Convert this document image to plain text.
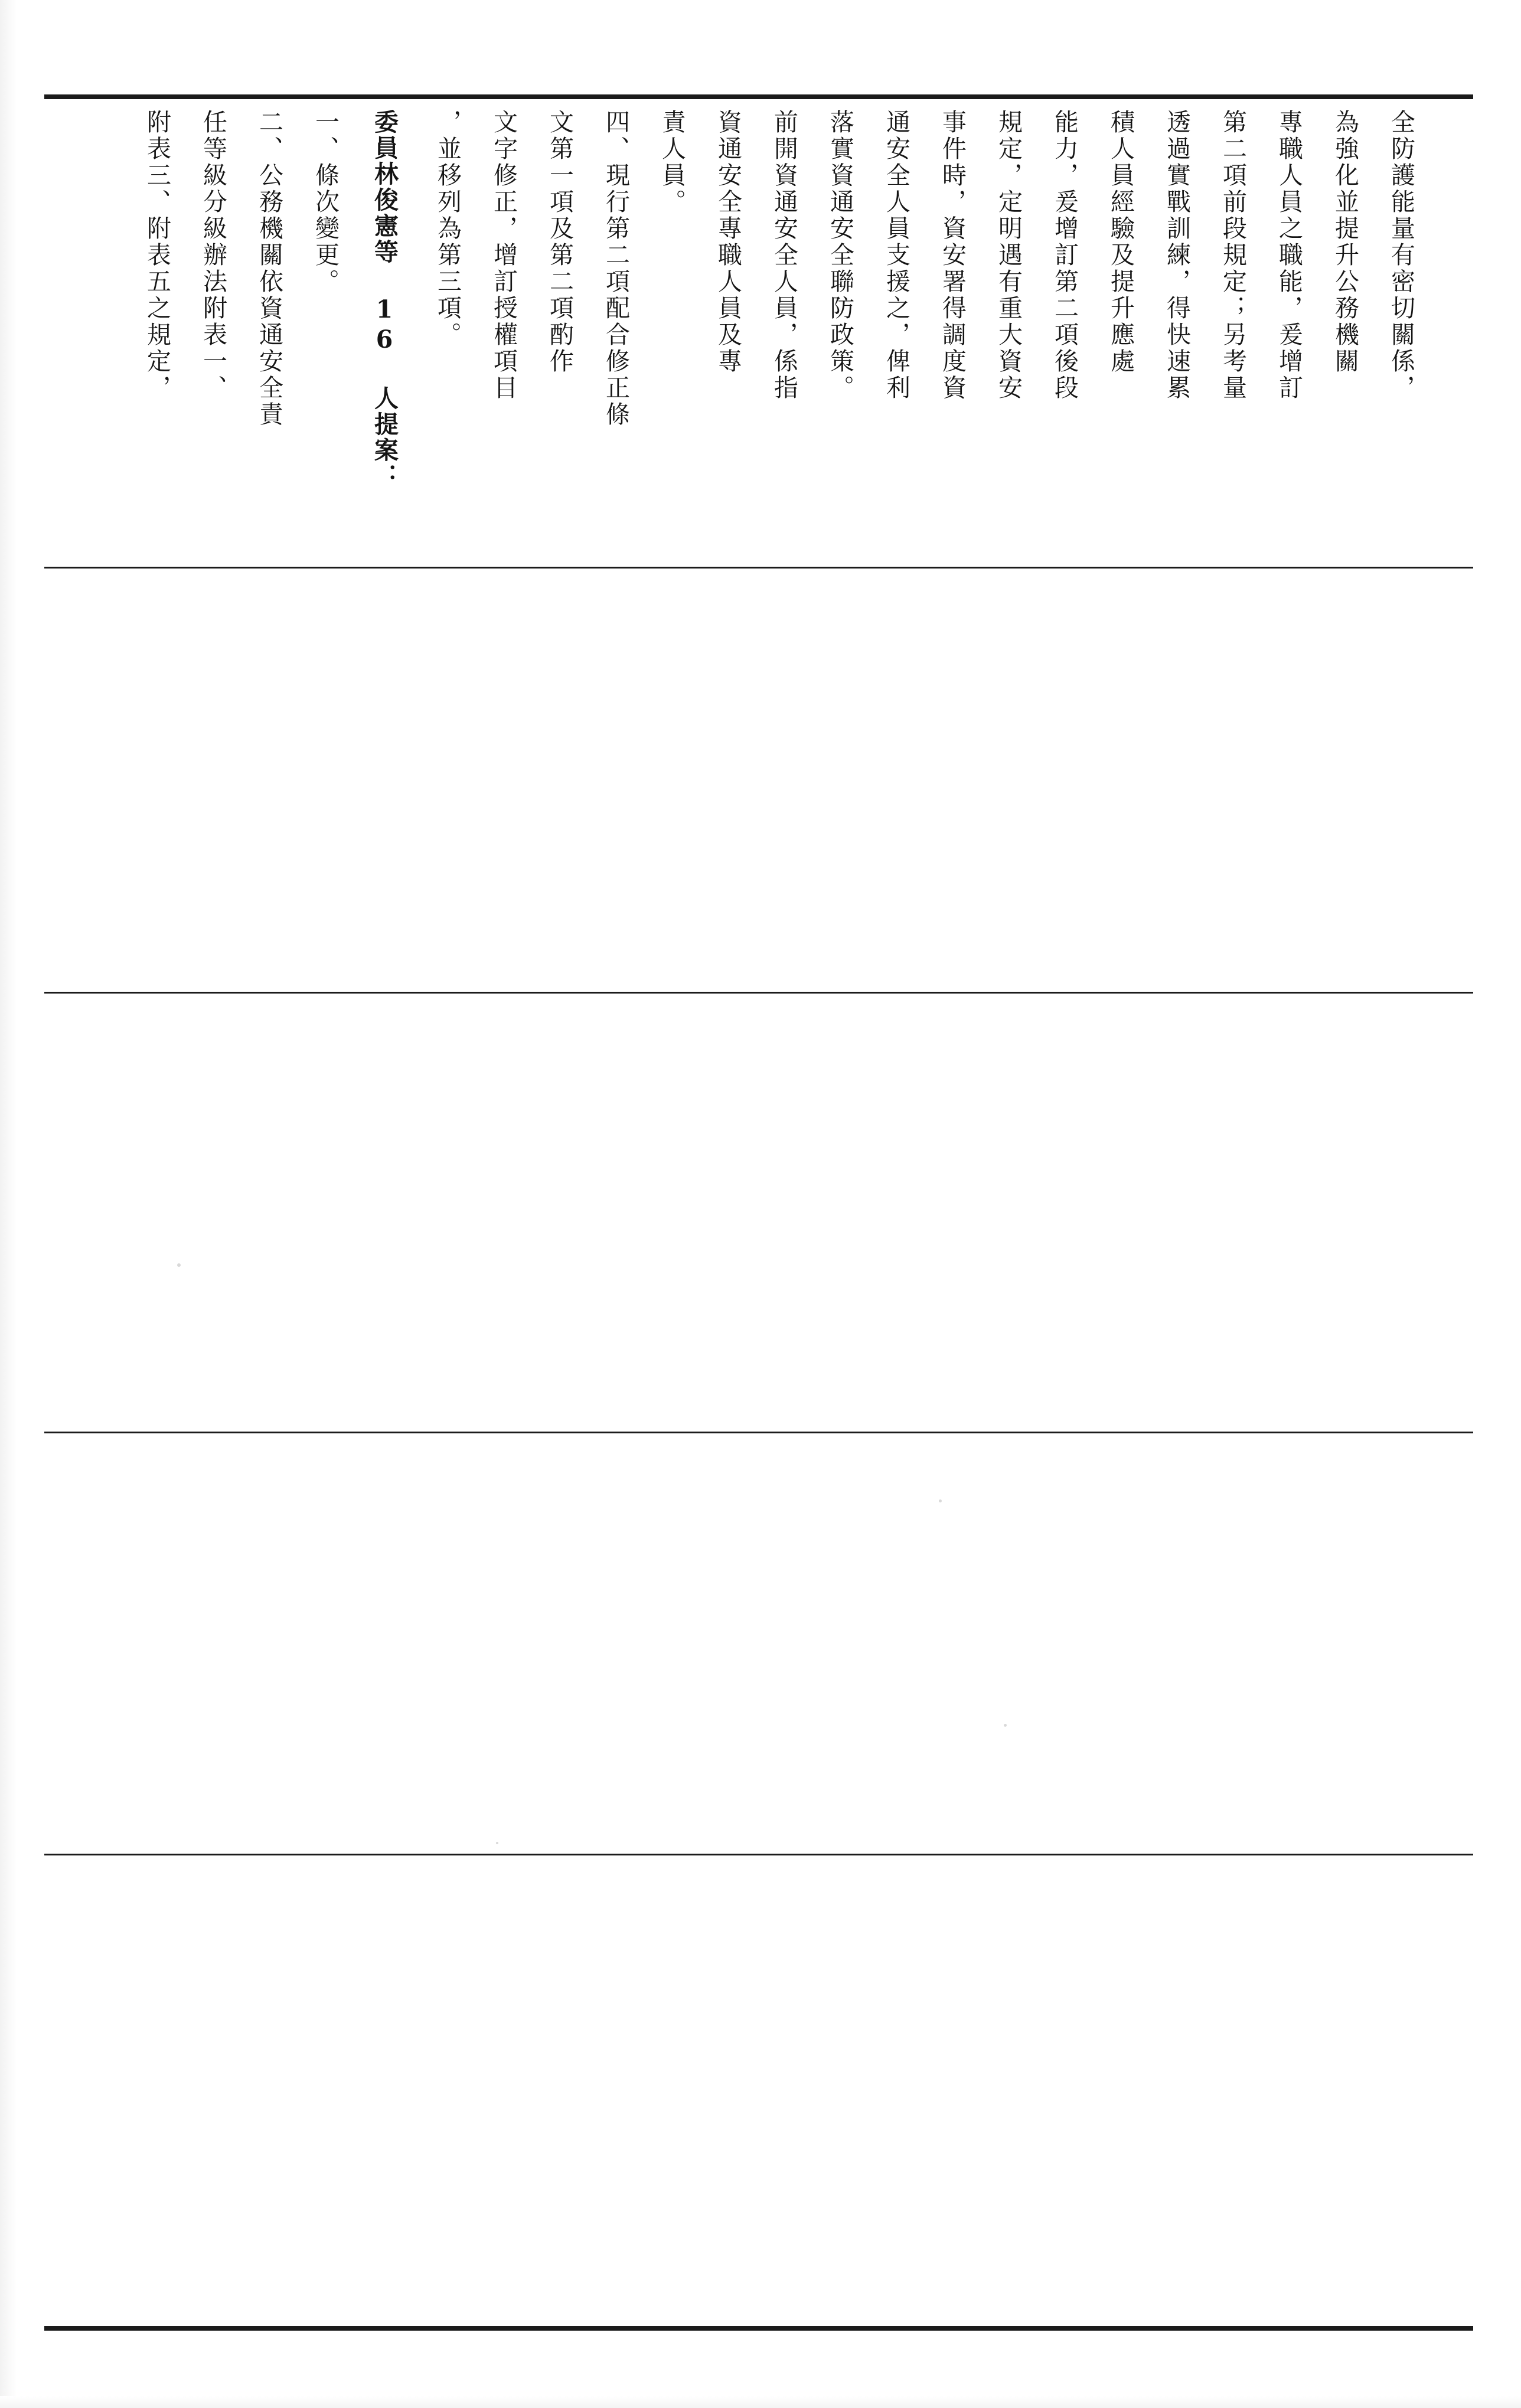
全防護能量有密切關係，
為強化並提升公務機關
專職人員之職能，爰增訂
第二項前段規定；另考量
透過實戰訓練，得快速累
積人員經驗及提升應處
能力，爰增訂第二項後段
規定，定明遇有重大資安
事件時，資安署得調度資
通安全人員支援之，俾利
落實資通安全聯防政策。
前開資通安全人員，係指
資通安全專職人員及專
責人員。
四、現行第二項配合修正條
文第一項及第二項酌作
文字修正，增訂授權項目
，並移列為第三項。
委員林俊憲等 16 人提案：
一、條次變更。
二、公務機關依資通安全責
任等級分級辦法附表一、
附表三、附表五之規定，
